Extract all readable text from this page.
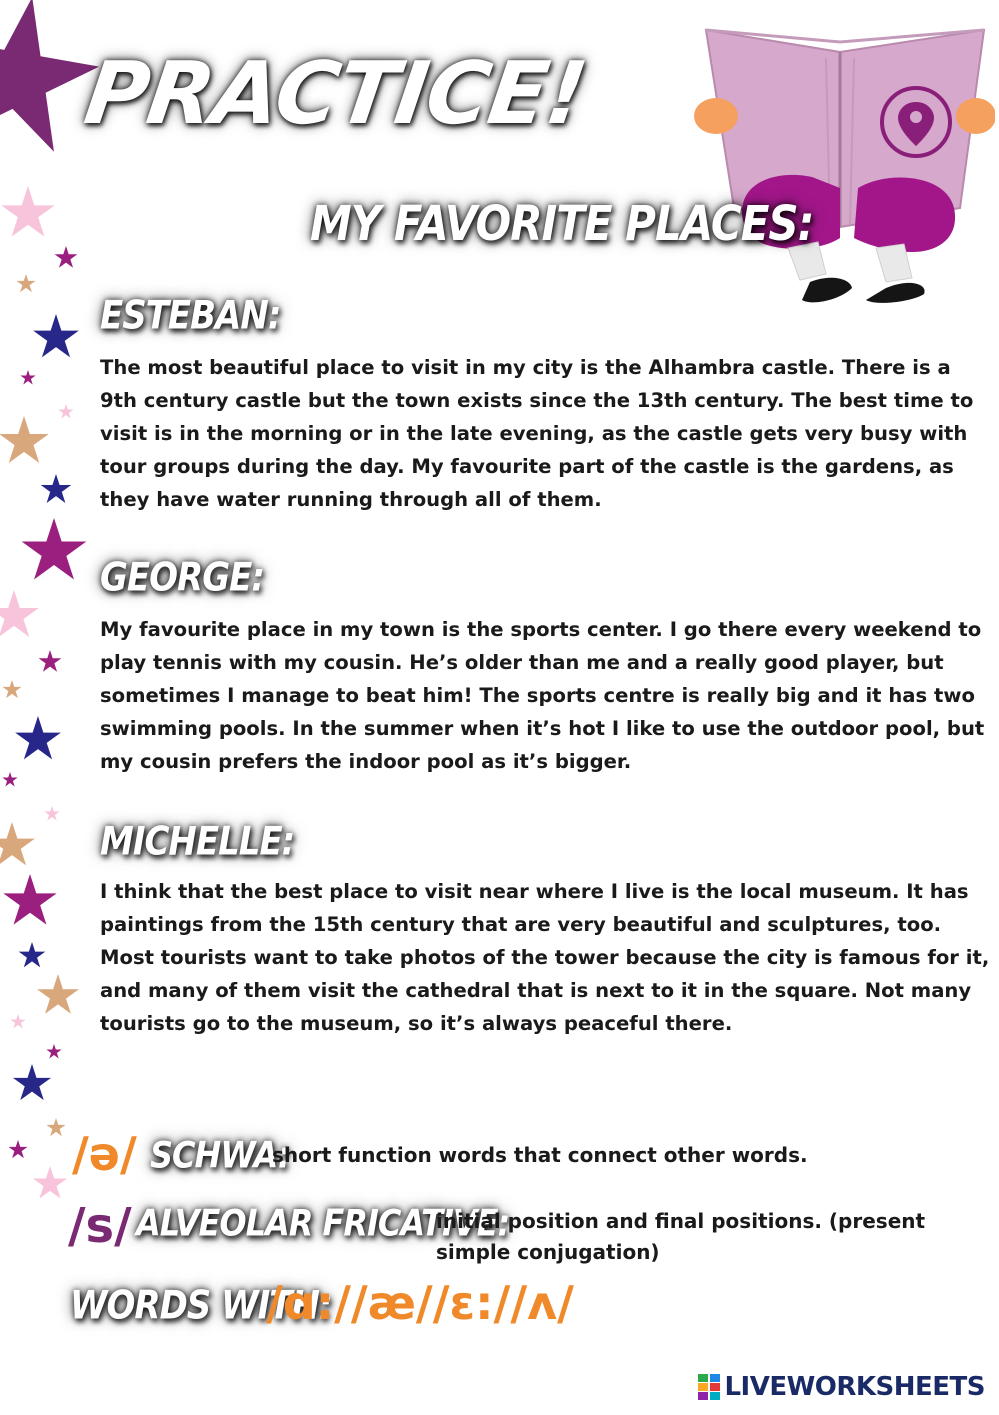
PRACTICE!
MY FAVORITE PLACES:
ESTEBAN:

The most beautiful place to visit in my city is the Alhambra castle. There is a 9th century castle but the town exists since the 13th century. The best time to visit is in the morning or in the late evening, as the castle gets very busy with tour groups during the day. My favourite part of the castle is the gardens, as they have water running through all of them.

GEORGE:

My favourite place in my town is the sports center. I go there every weekend to play tennis with my cousin. He’s older than me and a really good player, but sometimes I manage to beat him! The sports centre is really big and it has two swimming pools. In the summer when it’s hot I like to use the outdoor pool, but my cousin prefers the indoor pool as it’s bigger.

MICHELLE:

I think that the best place to visit near where I live is the local museum. It has paintings from the 15th century that are very beautiful and sculptures, too. Most tourists want to take photos of the tower because the city is famous for it, and many of them visit the cathedral that is next to it in the square. Not many tourists go to the museum, so it’s always peaceful there.

/ə/ SCHWA:
short function words that connect other words.
/s/ ALVEOLAR FRICATIVE:
initial position and final positions. (present simple conjugation)
WORDS WITH:
/ɑ://æ//ɛ://ʌ/
LIVEWORKSHEETS
